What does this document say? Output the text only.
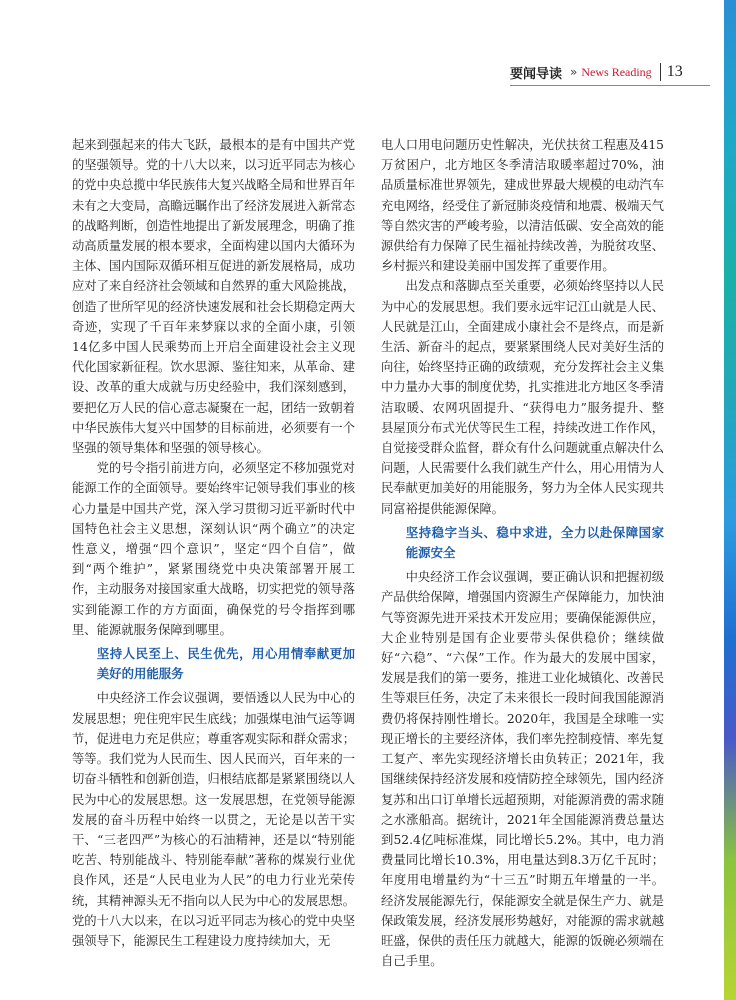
要闻导读 » News Reading 13

起来到强起来的伟大飞跃，最根本的是有中国共产党的坚强领导。党的十八大以来，以习近平同志为核心的党中央总揽中华民族伟大复兴战略全局和世界百年未有之大变局，高瞻远瞩作出了经济发展进入新常态的战略判断，创造性地提出了新发展理念，明确了推动高质量发展的根本要求，全面构建以国内大循环为主体、国内国际双循环相互促进的新发展格局，成功应对了来自经济社会领域和自然界的重大风险挑战，创造了世所罕见的经济快速发展和社会长期稳定两大奇迹，实现了千百年来梦寐以求的全面小康，引领14亿多中国人民乘势而上开启全面建设社会主义现代化国家新征程。饮水思源、鉴往知来，从革命、建设、改革的重大成就与历史经验中，我们深刻感到，要把亿万人民的信心意志凝聚在一起，团结一致朝着中华民族伟大复兴中国梦的目标前进，必须要有一个坚强的领导集体和坚强的领导核心。

党的号令指引前进方向，必须坚定不移加强党对能源工作的全面领导。要始终牢记领导我们事业的核心力量是中国共产党，深入学习贯彻习近平新时代中国特色社会主义思想，深刻认识“两个确立”的决定性意义，增强“四个意识”，坚定“四个自信”，做到“两个维护”，紧紧围绕党中央决策部署开展工作，主动服务对接国家重大战略，切实把党的领导落实到能源工作的方方面面，确保党的号令指挥到哪里、能源就服务保障到哪里。

坚持人民至上、民生优先，用心用情奉献更加美好的用能服务

中央经济工作会议强调，要悟透以人民为中心的发展思想；兜住兜牢民生底线；加强煤电油气运等调节，促进电力充足供应；尊重客观实际和群众需求；等等。我们党为人民而生、因人民而兴，百年来的一切奋斗牺牲和创新创造，归根结底都是紧紧围绕以人民为中心的发展思想。这一发展思想，在党领导能源发展的奋斗历程中始终一以贯之，无论是以苦干实干、“三老四严”为核心的石油精神，还是以“特别能吃苦、特别能战斗、特别能奉献”著称的煤炭行业优良作风，还是“人民电业为人民”的电力行业光荣传统，其精神源头无不指向以人民为中心的发展思想。党的十八大以来，在以习近平同志为核心的党中央坚强领导下，能源民生工程建设力度持续加大，无

电人口用电问题历史性解决，光伏扶贫工程惠及415万贫困户，北方地区冬季清洁取暖率超过70%，油品质量标准世界领先，建成世界最大规模的电动汽车充电网络，经受住了新冠肺炎疫情和地震、极端天气等自然灾害的严峻考验，以清洁低碳、安全高效的能源供给有力保障了民生福祉持续改善，为脱贫攻坚、乡村振兴和建设美丽中国发挥了重要作用。

出发点和落脚点至关重要，必须始终坚持以人民为中心的发展思想。我们要永远牢记江山就是人民、人民就是江山，全面建成小康社会不是终点，而是新生活、新奋斗的起点，要紧紧围绕人民对美好生活的向往，始终坚持正确的政绩观，充分发挥社会主义集中力量办大事的制度优势，扎实推进北方地区冬季清洁取暖、农网巩固提升、“获得电力”服务提升、整县屋顶分布式光伏等民生工程，持续改进工作作风，自觉接受群众监督，群众有什么问题就重点解决什么问题，人民需要什么我们就生产什么，用心用情为人民奉献更加美好的用能服务，努力为全体人民实现共同富裕提供能源保障。

坚持稳字当头、稳中求进，全力以赴保障国家能源安全

中央经济工作会议强调，要正确认识和把握初级产品供给保障，增强国内资源生产保障能力，加快油气等资源先进开采技术开发应用；要确保能源供应，大企业特别是国有企业要带头保供稳价；继续做好“六稳”、“六保”工作。作为最大的发展中国家，发展是我们的第一要务，推进工业化城镇化、改善民生等艰巨任务，决定了未来很长一段时间我国能源消费仍将保持刚性增长。2020年，我国是全球唯一实现正增长的主要经济体，我们率先控制疫情、率先复工复产、率先实现经济增长由负转正；2021年，我国继续保持经济发展和疫情防控全球领先，国内经济复苏和出口订单增长远超预期，对能源消费的需求随之水涨船高。据统计，2021年全国能源消费总量达到52.4亿吨标准煤，同比增长5.2%。其中，电力消费量同比增长10.3%，用电量达到8.3万亿千瓦时；年度用电增量约为“十三五”时期五年增量的一半。经济发展能源先行，保能源安全就是保生产力、就是保政策发展，经济发展形势越好，对能源的需求就越旺盛，保供的责任压力就越大，能源的饭碗必须端在自己手里。
